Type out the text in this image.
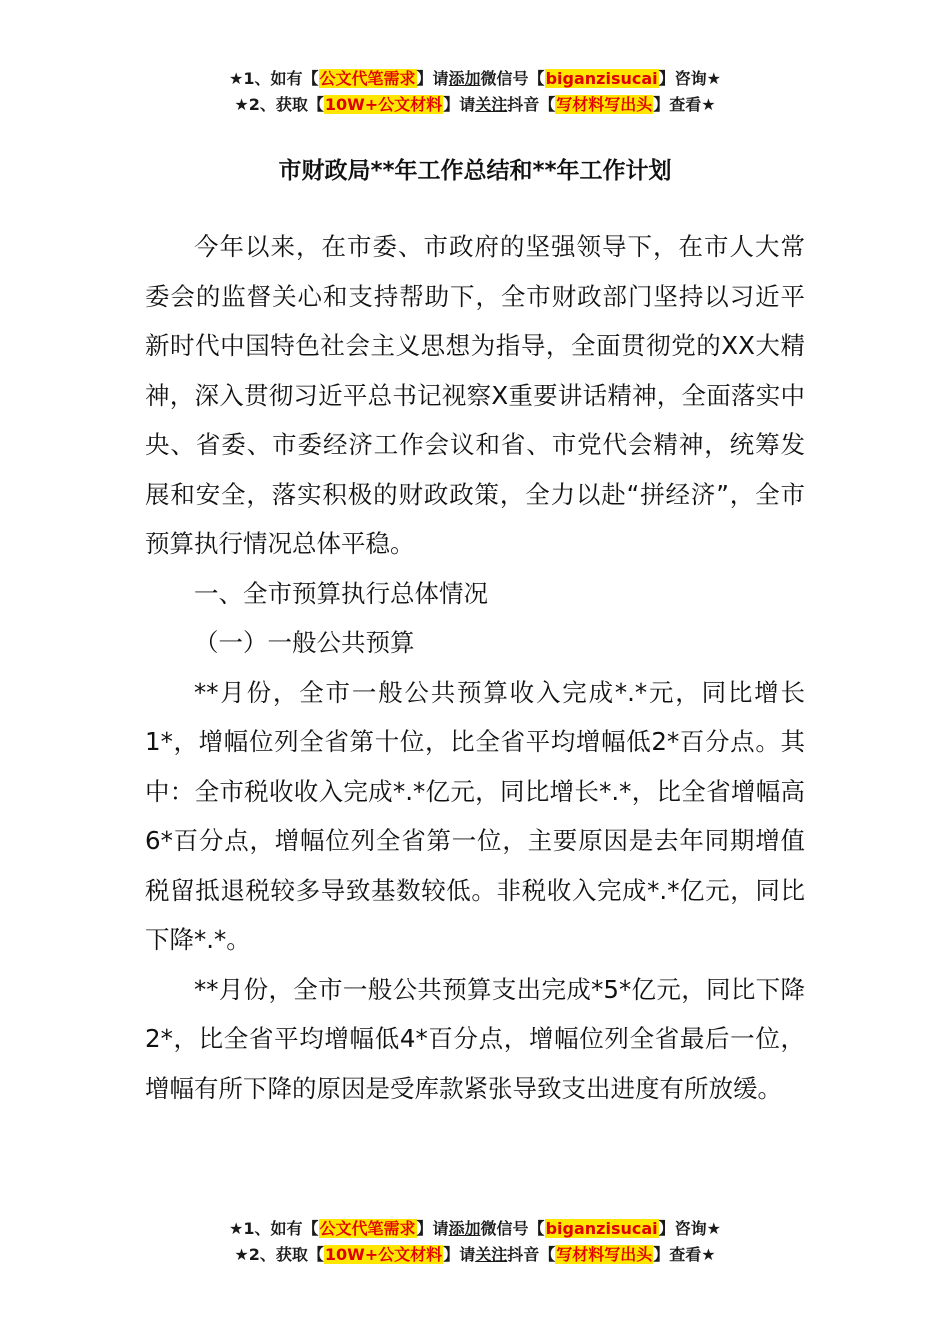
★1、如有【公文代笔需求】请添加微信号【biganzisucai】咨询★
★2、获取【10W+公文材料】请关注抖音【写材料写出头】查看★
市财政局**年工作总结和**年工作计划

今年以来，在市委、市政府的坚强领导下，在市人大常委会的监督关心和支持帮助下，全市财政部门坚持以习近平新时代中国特色社会主义思想为指导，全面贯彻党的XX大精神，深入贯彻习近平总书记视察X重要讲话精神，全面落实中央、省委、市委经济工作会议和省、市党代会精神，统筹发展和安全，落实积极的财政政策，全力以赴“拼经济”，全市预算执行情况总体平稳。

一、全市预算执行总体情况

（一）一般公共预算

**月份，全市一般公共预算收入完成*.*元，同比增长1*，增幅位列全省第十位，比全省平均增幅低2*百分点。其中：全市税收收入完成*.*亿元，同比增长*.*，比全省增幅高6*百分点，增幅位列全省第一位，主要原因是去年同期增值税留抵退税较多导致基数较低。非税收入完成*.*亿元，同比下降*.*。

**月份，全市一般公共预算支出完成*5*亿元，同比下降2*，比全省平均增幅低4*百分点，增幅位列全省最后一位，增幅有所下降的原因是受库款紧张导致支出进度有所放缓。

★1、如有【公文代笔需求】请添加微信号【biganzisucai】咨询★
★2、获取【10W+公文材料】请关注抖音【写材料写出头】查看★
